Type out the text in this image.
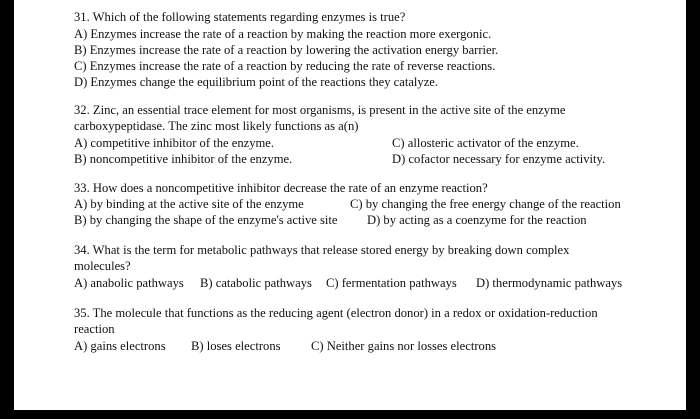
31. Which of the following statements regarding enzymes is true?
A) Enzymes increase the rate of a reaction by making the reaction more exergonic.
B) Enzymes increase the rate of a reaction by lowering the activation energy barrier.
C) Enzymes increase the rate of a reaction by reducing the rate of reverse reactions.
D) Enzymes change the equilibrium point of the reactions they catalyze.
32. Zinc, an essential trace element for most organisms, is present in the active site of the enzyme
carboxypeptidase. The zinc most likely functions as a(n)
A) competitive inhibitor of the enzyme.	C) allosteric activator of the enzyme.
B) noncompetitive inhibitor of the enzyme.	D) cofactor necessary for enzyme activity.
33. How does a noncompetitive inhibitor decrease the rate of an enzyme reaction?
A) by binding at the active site of the enzyme	C) by changing the free energy change of the reaction
B) by changing the shape of the enzyme's active site D) by acting as a coenzyme for the reaction
34. What is the term for metabolic pathways that release stored energy by breaking down complex
molecules?
A) anabolic pathways B) catabolic pathways C) fermentation pathways D) thermodynamic pathways
35. The molecule that functions as the reducing agent (electron donor) in a redox or oxidation-reduction
reaction
A) gains electrons B) loses electrons C) Neither gains nor losses electrons
